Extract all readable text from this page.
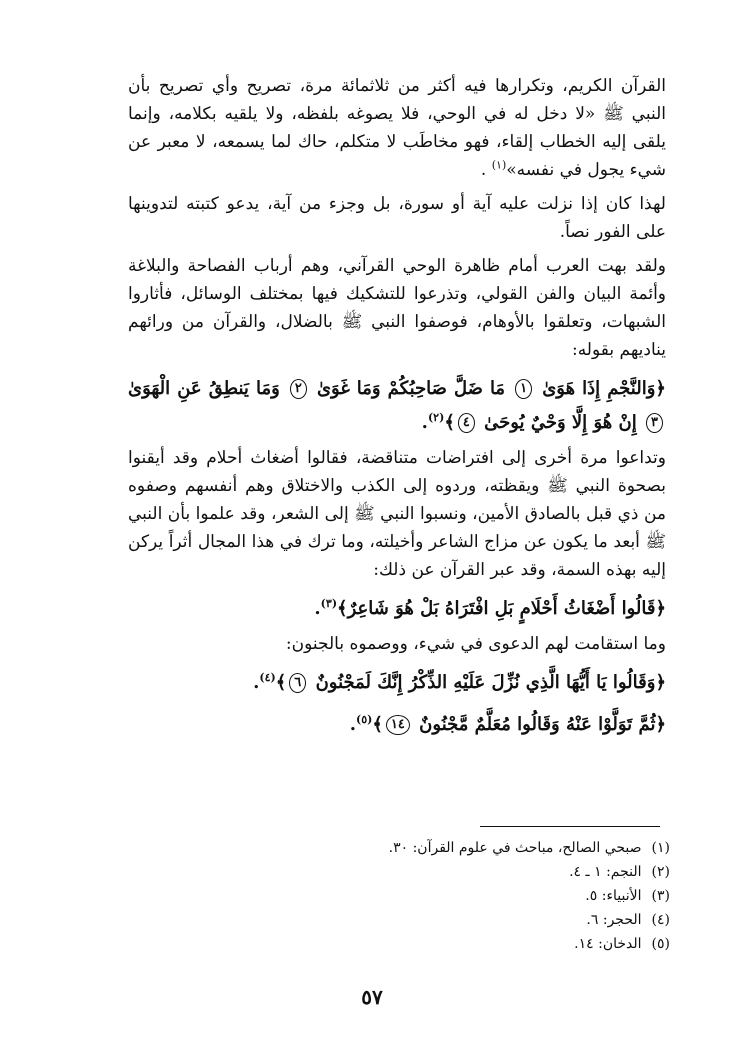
القرآن الكريم، وتكرارها فيه أكثر من ثلاثمائة مرة، تصريح وأي تصريح بأن النبي ﷺ «لا دخل له في الوحي، فلا يصوغه بلفظه، ولا يلقيه بكلامه، وإنما يلقى إليه الخطاب إلقاء، فهو مخاطَب لا متكلم، حاك لما يسمعه، لا معبر عن شيء يجول في نفسه»$^{(١)}$ .

لهذا كان إذا نزلت عليه آية أو سورة، بل وجزء من آية، يدعو كتبته لتدوينها على الفور نصاً.

ولقد بهت العرب أمام ظاهرة الوحي القرآني، وهم أرباب الفصاحة والبلاغة وأئمة البيان والفن القولي، وتذرعوا للتشكيك فيها بمختلف الوسائل، فأثاروا الشبهات، وتعلقوا بالأوهام، فوصفوا النبي ﷺ بالضلال، والقرآن من ورائهم يناديهم بقوله:

﴿وَالنَّجْمِ إِذَا هَوَىٰ ١ مَا ضَلَّ صَاحِبُكُمْ وَمَا غَوَىٰ ٢ وَمَا يَنطِقُ عَنِ الْهَوَىٰ ٣ إِنْ هُوَ إِلَّا وَحْيٌ يُوحَىٰ ٤﴾$^{(٢)}$.

وتداعوا مرة أخرى إلى افتراضات متناقضة، فقالوا أضغاث أحلام وقد أيقنوا بصحوة النبي ﷺ ويقظته، وردوه إلى الكذب والاختلاق وهم أنفسهم وصفوه من ذي قبل بالصادق الأمين، ونسبوا النبي ﷺ إلى الشعر، وقد علموا بأن النبي ﷺ أبعد ما يكون عن مزاج الشاعر وأخيلته، وما ترك في هذا المجال أثراً يركن إليه بهذه السمة، وقد عبر القرآن عن ذلك:

﴿قَالُوا أَضْغَاثُ أَحْلَامٍ بَلِ افْتَرَاهُ بَلْ هُوَ شَاعِرٌ﴾$^{(٣)}$.

وما استقامت لهم الدعوى في شيء، ووصموه بالجنون:

﴿وَقَالُوا يَا أَيُّهَا الَّذِي نُزِّلَ عَلَيْهِ الذِّكْرُ إِنَّكَ لَمَجْنُونٌ ٦﴾$^{(٤)}$.

﴿ثُمَّ تَوَلَّوْا عَنْهُ وَقَالُوا مُعَلَّمٌ مَّجْنُونٌ ١٤﴾$^{(٥)}$.

(١)صبحي الصالح، مباحث في علوم القرآن: ٣٠.
(٢)النجم: ١ ـ ٤.
(٣)الأنبياء: ٥.
(٤)الحجر: ٦.
(٥)الدخان: ١٤.
٥٧
